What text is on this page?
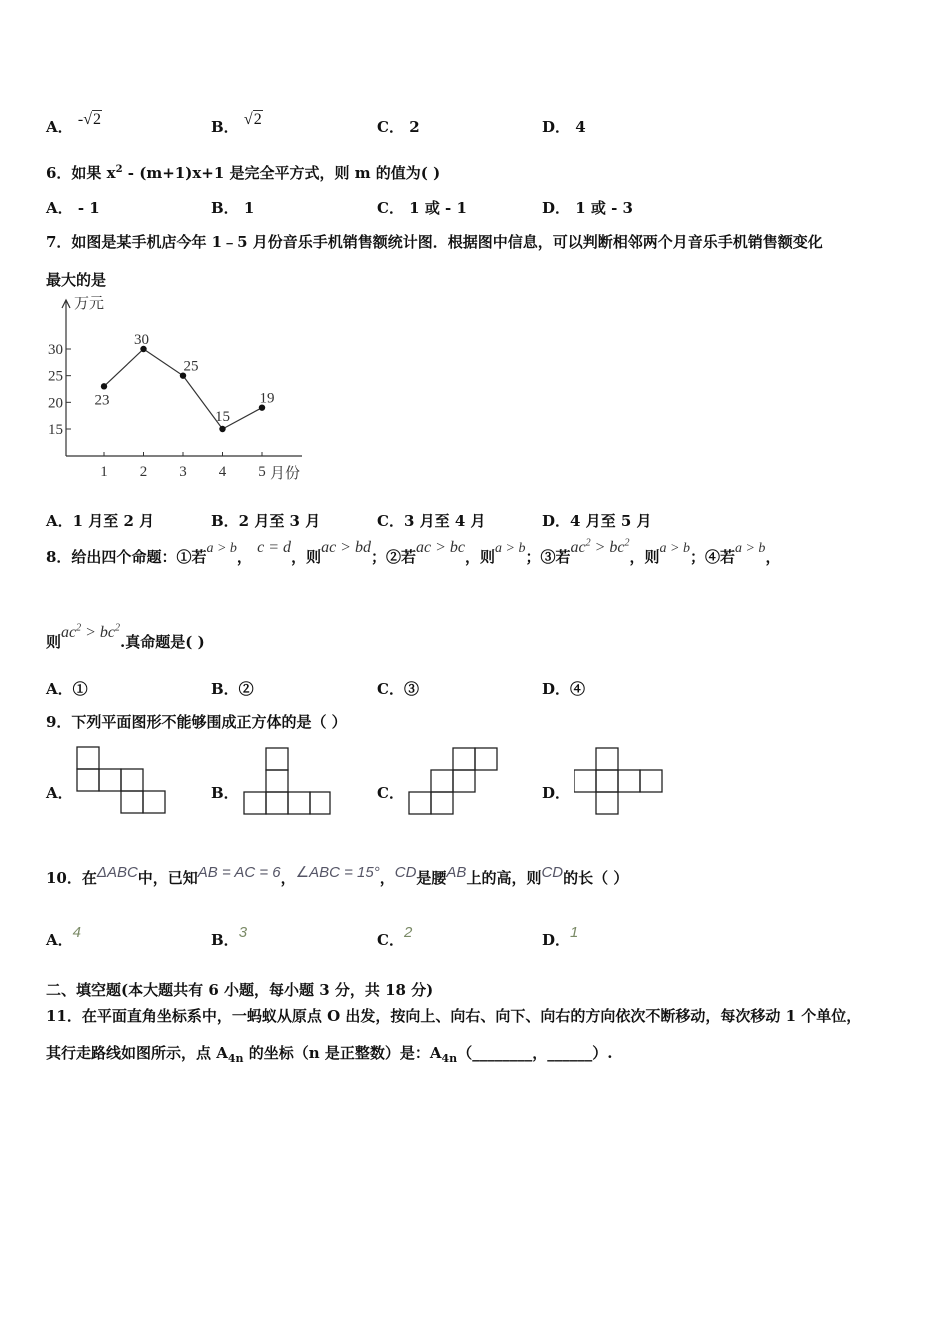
A． -√2	B． √2	C． 2	D． 4
6．如果 $x^2 - (m+1)x+1$ 是完全平方式，则 m 的值为( )
A． - 1	B． 1	C． 1 或 - 1	D． 1 或 - 3
7．如图是某手机店今年 1﹣5 月份音乐手机销售额统计图．根据图中信息，可以判断相邻两个月音乐手机销售额变化
最大的是
万元
15
20
25
30
1 2 3 4 5 月份
23
30
25
15
19
A．1 月至 2 月	B．2 月至 3 月	C．3 月至 4 月	D．4 月至 5 月
8．给出四个命题：①若a > b， c = d，则ac > bd；②若ac > bc，则a > b；③若$ac^2 > bc^2$，则a > b；④若a > b，
则$ac^2 > bc^2$.真命题是( )
A．①	B．②	C．③	D．④
9．下列平面图形不能够围成正方体的是（ ）
A．	B．	C．	D．
10．在ΔABC中，已知AB = AC = 6，∠ABC = 15°，CD是腰AB上的高，则CD的长（ ）
A．4	B．3	C．2	D．1
二、填空题(本大题共有 6 小题，每小题 3 分，共 18 分)
11．在平面直角坐标系中，一蚂蚁从原点 O 出发，按向上、向右、向下、向右的方向依次不断移动，每次移动 1 个单位，
其行走路线如图所示，点 $A_{4n}$ 的坐标（n 是正整数）是：$A_{4n}(\_\_\_\_\_\_\_\_$，______）.
